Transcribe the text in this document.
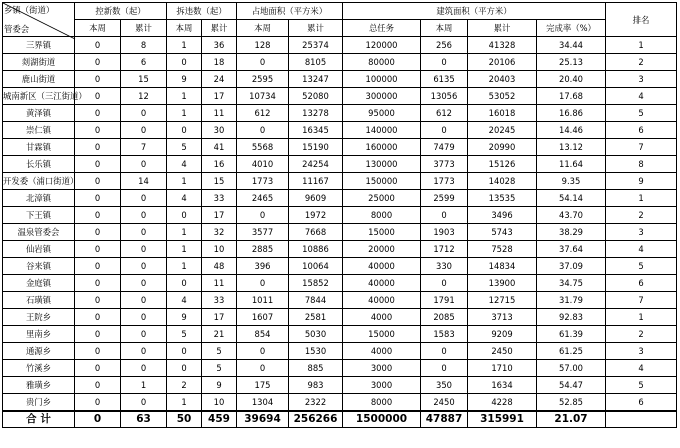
乡镇（街道）
管委会	控新数（起）		拆违数（起）		占地面积（平方米）		建筑面积（平方米）				排名
	本周	累计	本周	累计	本周	累计	总任务	本周	累计	完成率（%）	
三界镇	0	8	1	36	128	25374	120000	256	41328	34.44	1
剡湖街道	0	6	0	18	0	8105	80000	0	20106	25.13	2
鹿山街道	0	15	9	24	2595	13247	100000	6135	20403	20.40	3
城南新区（三江街道）	0	12	1	17	10734	52080	300000	13056	53052	17.68	4
黄泽镇	0	0	1	11	612	13278	95000	612	16018	16.86	5
崇仁镇	0	0	0	30	0	16345	140000	0	20245	14.46	6
甘霖镇	0	7	5	41	5568	15190	160000	7479	20990	13.12	7
长乐镇	0	0	4	16	4010	24254	130000	3773	15126	11.64	8
开发委（浦口街道）	0	14	1	15	1773	11167	150000	1773	14028	9.35	9
北漳镇	0	0	4	33	2465	9609	25000	2599	13535	54.14	1
下王镇	0	0	0	17	0	1972	8000	0	3496	43.70	2
温泉管委会	0	0	1	32	3577	7668	15000	1903	5743	38.29	3
仙岩镇	0	0	1	10	2885	10886	20000	1712	7528	37.64	4
谷来镇	0	0	1	48	396	10064	40000	330	14834	37.09	5
金庭镇	0	0	0	11	0	15852	40000	0	13900	34.75	6
石璜镇	0	0	4	33	1011	7844	40000	1791	12715	31.79	7
王院乡	0	0	9	17	1607	2581	4000	2085	3713	92.83	1
里南乡	0	0	5	21	854	5030	15000	1583	9209	61.39	2
通源乡	0	0	0	5	0	1530	4000	0	2450	61.25	3
竹溪乡	0	0	0	5	0	885	3000	0	1710	57.00	4
雅璜乡	0	1	2	9	175	983	3000	350	1634	54.47	5
贵门乡	0	0	1	10	1304	2322	8000	2450	4228	52.85	6
合 计	0	63	50	459	39694	256266	1500000	47887	315991	21.07	
